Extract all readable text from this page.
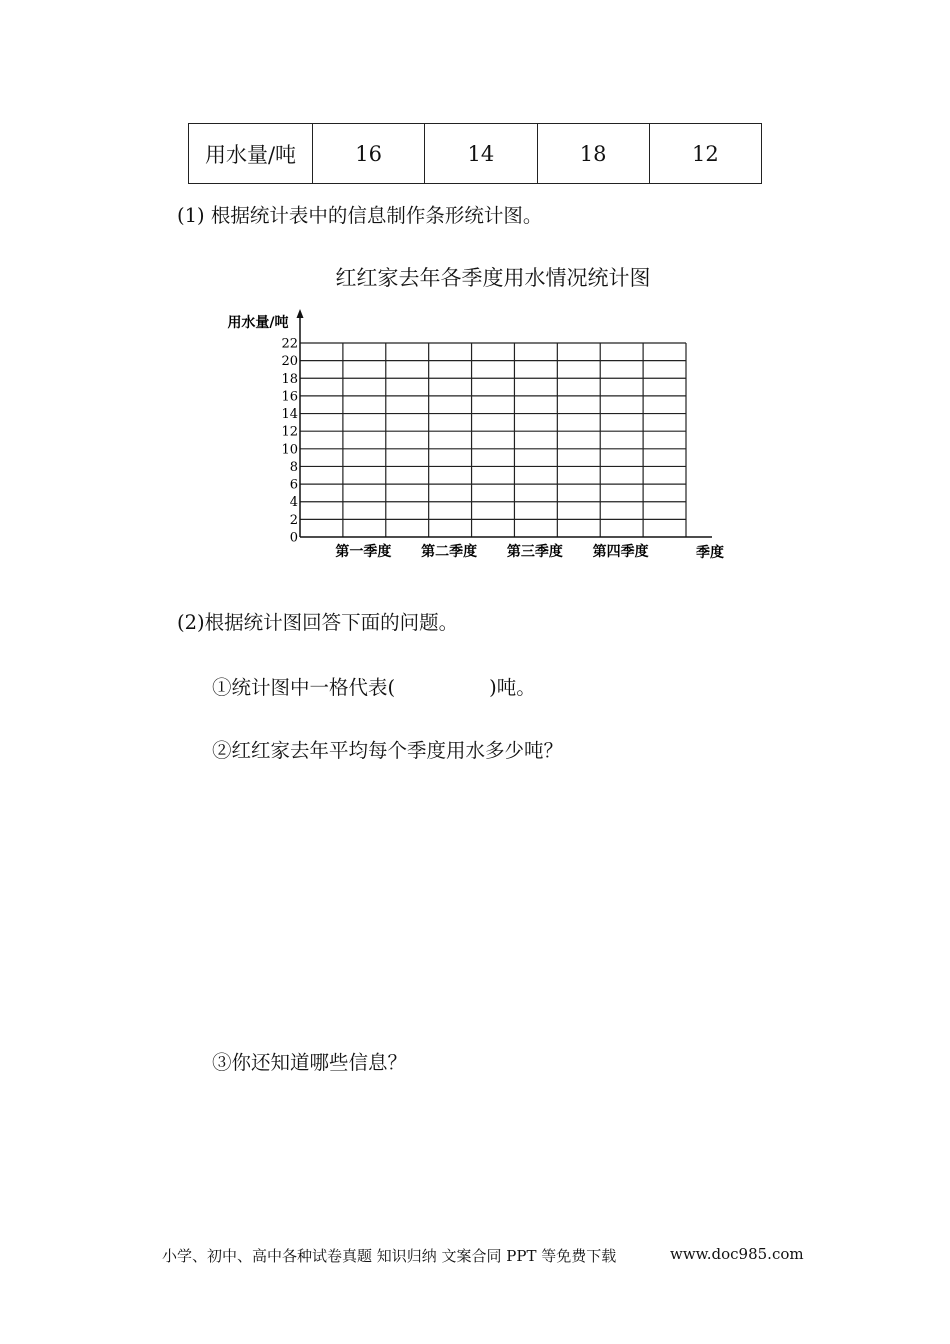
用水量/吨	16	14	18	12
(1) 根据统计表中的信息制作条形统计图。
红红家去年各季度用水情况统计图
0
2
4
6
8
10
12
14
16
18
20
22
第一季度 第二季度 第三季度 第四季度
用水量/吨
季度
(2)根据统计图回答下面的问题。
①统计图中一格代表(	)吨。
②红红家去年平均每个季度用水多少吨？
③你还知道哪些信息？
小学、初中、高中各种试卷真题 知识归纳 文案合同 PPT 等免费下载	www.doc985.com
